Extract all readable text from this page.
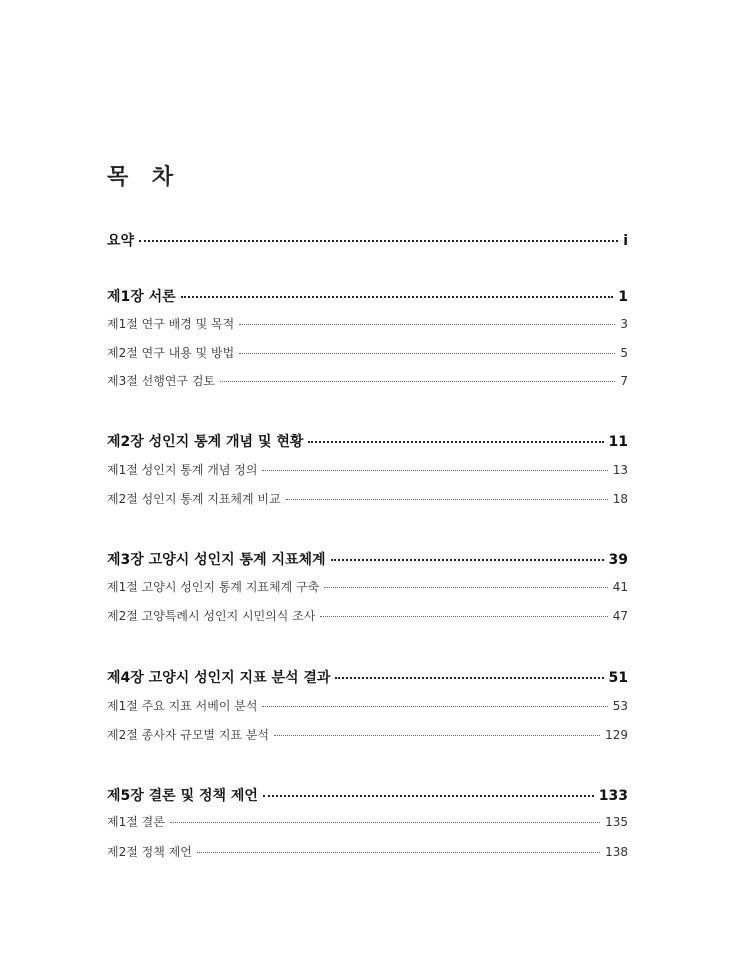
목 차
요약	i
제1장 서론	1
제1절 연구 배경 및 목적	3
제2절 연구 내용 및 방법	5
제3절 선행연구 검토	7
제2장 성인지 통계 개념 및 현황	11
제1절 성인지 통계 개념 정의	13
제2절 성인지 통계 지표체계 비교	18
제3장 고양시 성인지 통계 지표체계	39
제1절 고양시 성인지 통계 지표체계 구축	41
제2절 고양특례시 성인지 시민의식 조사	47
제4장 고양시 성인지 지표 분석 결과	51
제1절 주요 지표 서베이 분석	53
제2절 종사자 규모별 지표 분석	129
제5장 결론 및 정책 제언	133
제1절 결론	135
제2절 정책 제언	138
